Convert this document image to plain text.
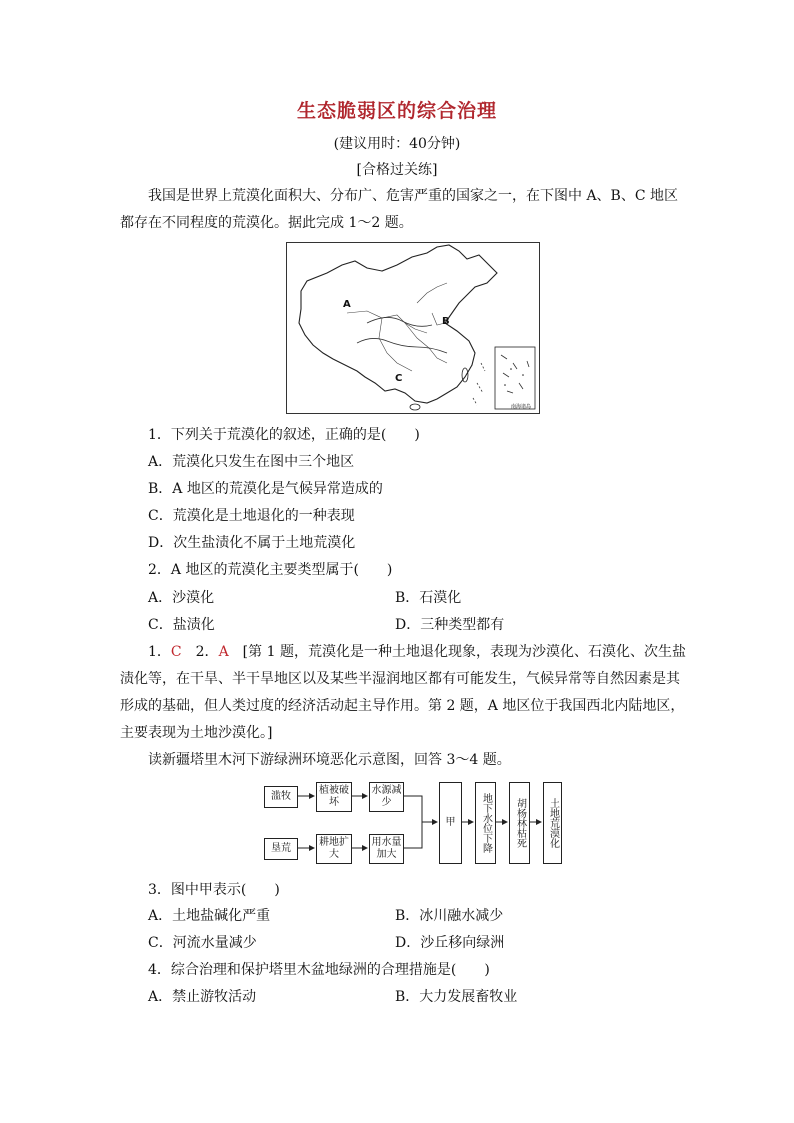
生态脆弱区的综合治理
(建议用时：40分钟)
[合格过关练]
我国是世界上荒漠化面积大、分布广、危害严重的国家之一，在下图中 A、B、C 地区
都存在不同程度的荒漠化。据此完成 1～2 题。
A
B
C
南海诸岛
1．下列关于荒漠化的叙述，正确的是(　　)
A．荒漠化只发生在图中三个地区
B．A 地区的荒漠化是气候异常造成的
C．荒漠化是土地退化的一种表现
D．次生盐渍化不属于土地荒漠化
2．A 地区的荒漠化主要类型属于(　　)
A．沙漠化	B．石漠化
C．盐渍化	D．三种类型都有
1．C　2．A　[第 1 题，荒漠化是一种土地退化现象，表现为沙漠化、石漠化、次生盐
渍化等，在干旱、半干旱地区以及某些半湿润地区都有可能发生，气候异常等自然因素是其
形成的基础，但人类过度的经济活动起主导作用。第 2 题，A 地区位于我国西北内陆地区，
主要表现为土地沙漠化。]
读新疆塔里木河下游绿洲环境恶化示意图，回答 3～4 题。
滥牧
垦荒
植被破坏
水源减少
耕地扩大
用水量加大
甲	地下水位下降	胡杨林枯死	土地荒漠化
3．图中甲表示(　　)
A．土地盐碱化严重	B．冰川融水减少
C．河流水量减少	D．沙丘移向绿洲
4．综合治理和保护塔里木盆地绿洲的合理措施是(　　)
A．禁止游牧活动	B．大力发展畜牧业
